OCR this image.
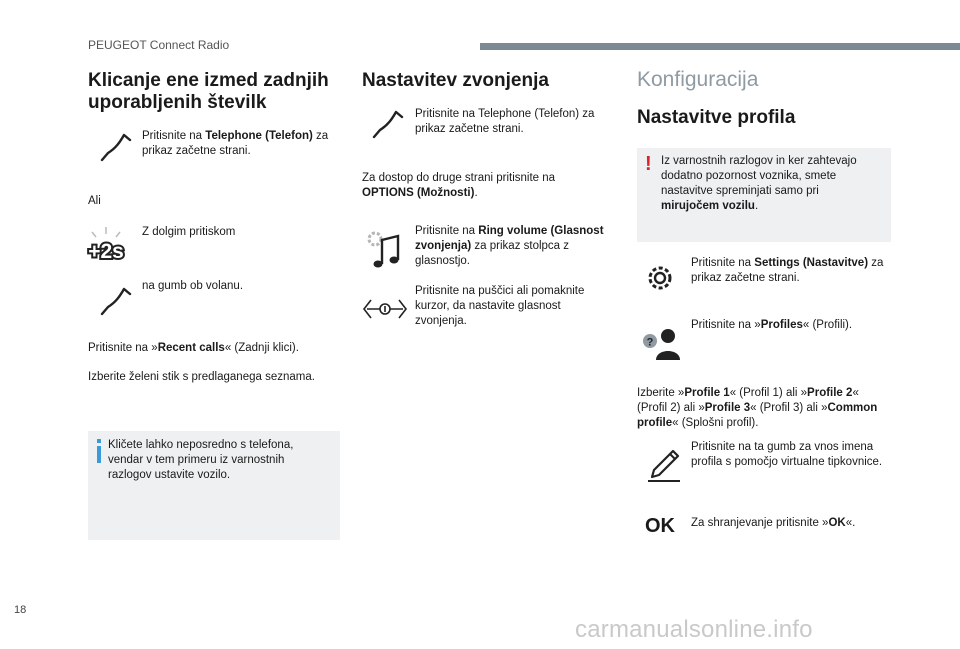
PEUGEOT Connect Radio
Klicanje ene izmed zadnjih uporabljenih številk
Pritisnite na Telephone (Telefon) za prikaz začetne strani.
Ali
+2s
Z dolgim pritiskom
na gumb ob volanu.
Pritisnite na »Recent calls« (Zadnji klici).
Izberite želeni stik s predlaganega seznama.
Kličete lahko neposredno s telefona, vendar v tem primeru iz varnostnih razlogov ustavite vozilo.
Nastavitev zvonjenja
Pritisnite na Telephone (Telefon) za prikaz začetne strani.
Za dostop do druge strani pritisnite na OPTIONS (Možnosti).
Pritisnite na Ring volume (Glasnost zvonjenja) za prikaz stolpca z glasnostjo.
Pritisnite na puščici ali pomaknite kurzor, da nastavite glasnost zvonjenja.
Konfiguracija
Nastavitve profila
! Iz varnostnih razlogov in ker zahtevajo dodatno pozornost voznika, smete nastavitve spreminjati samo pri mirujočem vozilu.
Pritisnite na Settings (Nastavitve) za prikaz začetne strani.
?
Pritisnite na »Profiles« (Profili).
Izberite »Profile 1« (Profil 1) ali »Profile 2« (Profil 2) ali »Profile 3« (Profil 3) ali »Common profile« (Splošni profil).
Pritisnite na ta gumb za vnos imena profila s pomočjo virtualne tipkovnice.
OK Za shranjevanje pritisnite »OK«.
18
carmanualsonline.info
